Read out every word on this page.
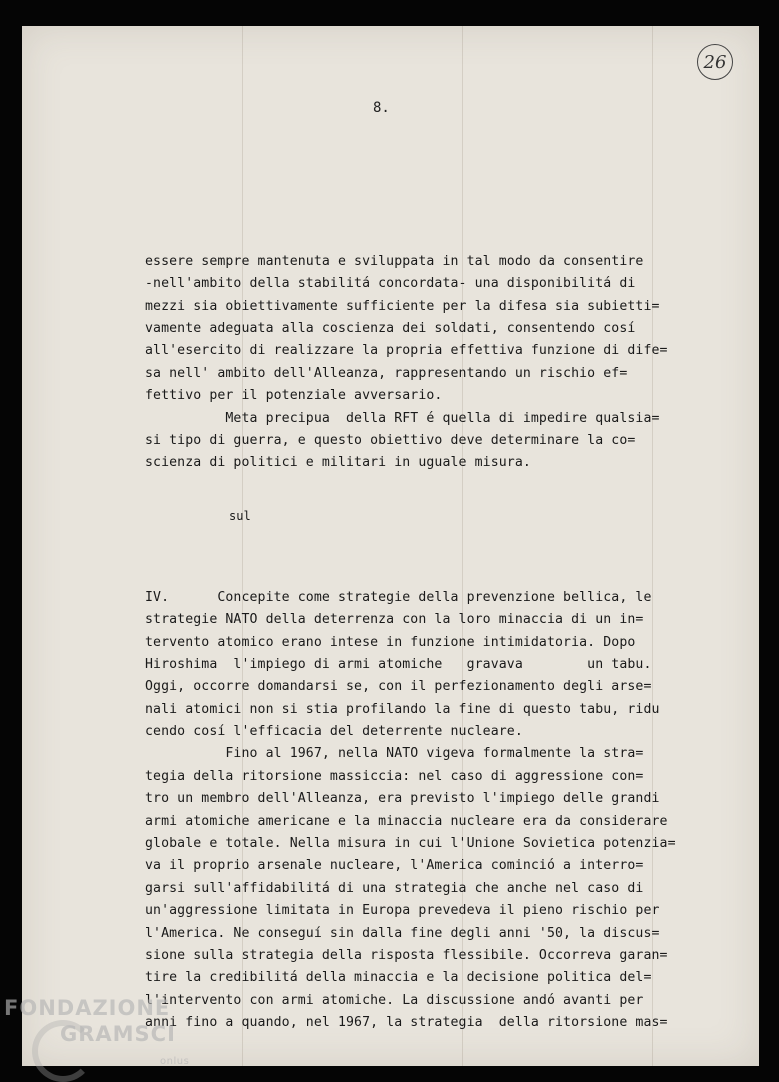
26
8.

essere sempre mantenuta e sviluppata in tal modo da consentire
-nell'ambito della stabilitá concordata- una disponibilitá di
mezzi sia obiettivamente sufficiente per la difesa sia subietti=
vamente adeguata alla coscienza dei soldati, consentendo cosí
all'esercito di realizzare la propria effettiva funzione di dife=
sa nell' ambito dell'Alleanza, rappresentando un rischio ef=
fettivo per il potenziale avversario.
Meta precipua  della RFT é quella di impedire qualsia=
si tipo di guerra, e questo obiettivo deve determinare la co=
scienza di politici e militari in uguale misura.

IV.      Concepite come strategie della prevenzione bellica, le
strategie NATO della deterrenza con la loro minaccia di un in=
tervento atomico erano intese in funzione intimidatoria. Dopo
Hiroshima  l'impiego di armi atomiche   gravava        un tabu.
Oggi, occorre domandarsi se, con il perfezionamento degli arse=
nali atomici non si stia profilando la fine di questo tabu, ridu
cendo cosí l'efficacia del deterrente nucleare.
Fino al 1967, nella NATO vigeva formalmente la stra=
tegia della ritorsione massiccia: nel caso di aggressione con=
tro un membro dell'Alleanza, era previsto l'impiego delle grandi
armi atomiche americane e la minaccia nucleare era da considerare
globale e totale. Nella misura in cui l'Unione Sovietica potenzia=
va il proprio arsenale nucleare, l'America cominció a interro=
garsi sull'affidabilitá di una strategia che anche nel caso di
un'aggressione limitata in Europa prevedeva il pieno rischio per
l'America. Ne conseguí sin dalla fine degli anni '50, la discus=
sione sulla strategia della risposta flessibile. Occorreva garan=
tire la credibilitá della minaccia e la decisione politica del=
l'intervento con armi atomiche. La discussione andó avanti per
anni fino a quando, nel 1967, la strategia  della ritorsione mas=

sul
FONDAZIONE
GRAMSCI
onlus
